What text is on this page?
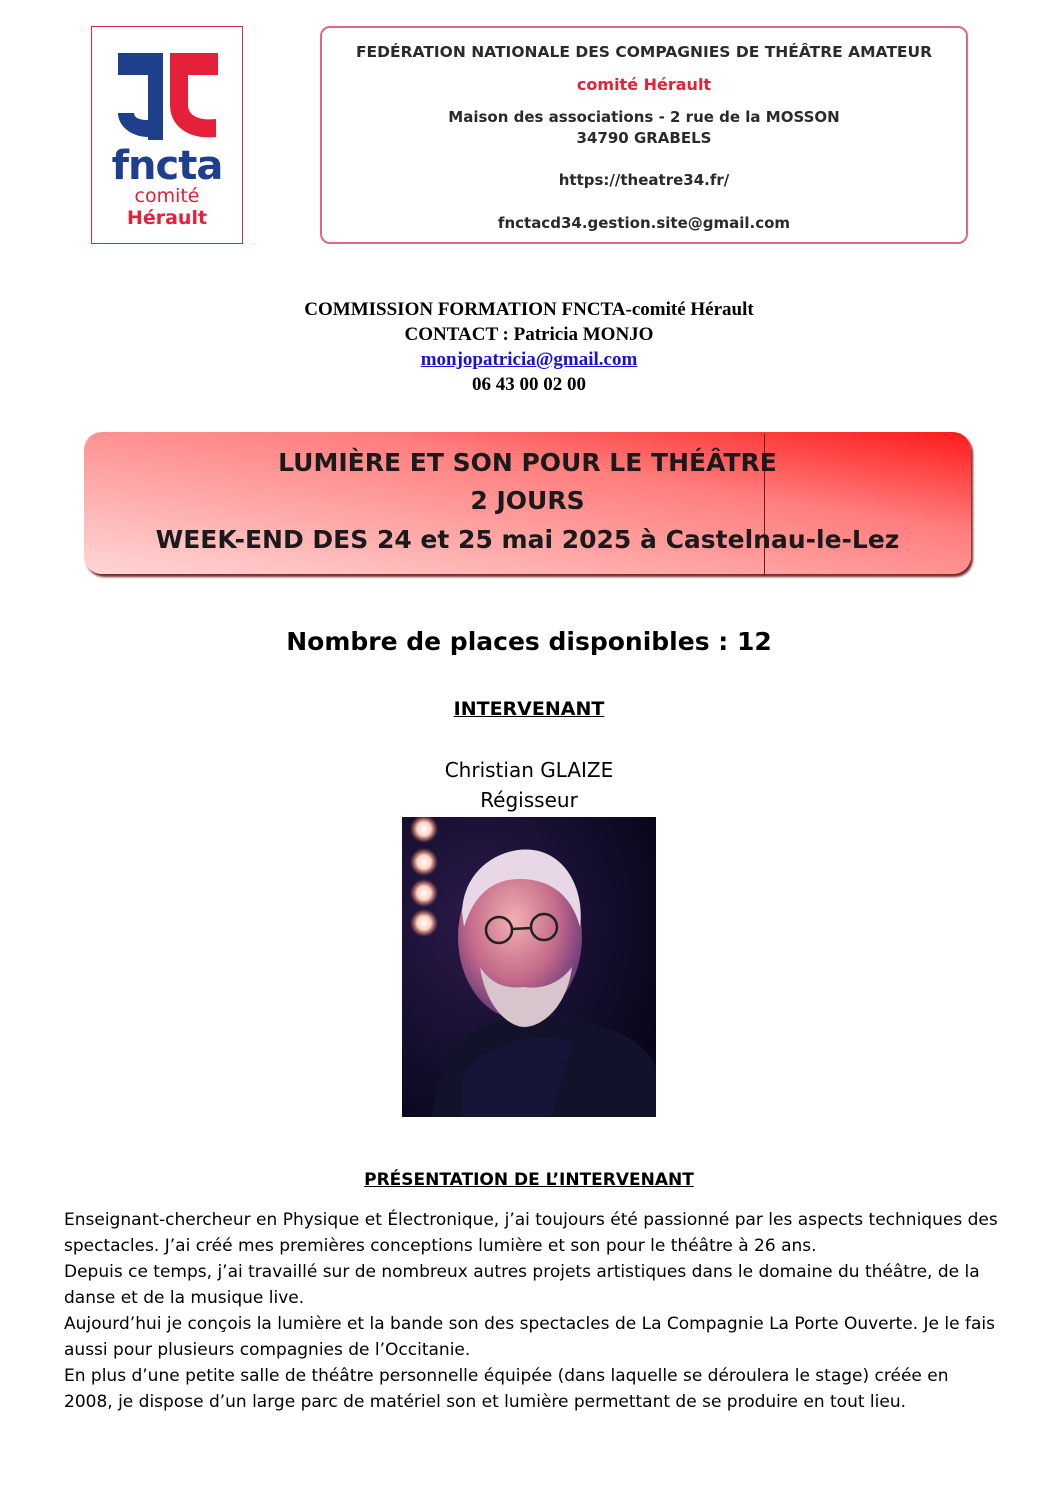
fncta
comité
Hérault
FEDÉRATION NATIONALE DES COMPAGNIES DE THÉÂTRE AMATEUR
comité Hérault
Maison des associations - 2 rue de la MOSSON
34790 GRABELS
https://theatre34.fr/
fnctacd34.gestion.site@gmail.com
COMMISSION FORMATION FNCTA-comité Hérault
CONTACT : Patricia MONJO
monjopatricia@gmail.com
06 43 00 02 00
LUMIÈRE ET SON POUR LE THÉÂTRE
2 JOURS
WEEK-END DES 24 et 25 mai 2025 à Castelnau-le-Lez
Nombre de places disponibles : 12
INTERVENANT
Christian GLAIZE
Régisseur
PRÉSENTATION DE L’INTERVENANT

Enseignant-chercheur en Physique et Électronique, j’ai toujours été passionné par les aspects techniques des spectacles. J’ai créé mes premières conceptions lumière et son pour le théâtre à 26 ans.

Depuis ce temps, j’ai travaillé sur de nombreux autres projets artistiques dans le domaine du théâtre, de la danse et de la musique live.

Aujourd’hui je conçois la lumière et la bande son des spectacles de La Compagnie La Porte Ouverte. Je le fais aussi pour plusieurs compagnies de l’Occitanie.

En plus d’une petite salle de théâtre personnelle équipée (dans laquelle se déroulera le stage) créée en 2008, je dispose d’un large parc de matériel son et lumière permettant de se produire en tout lieu.
